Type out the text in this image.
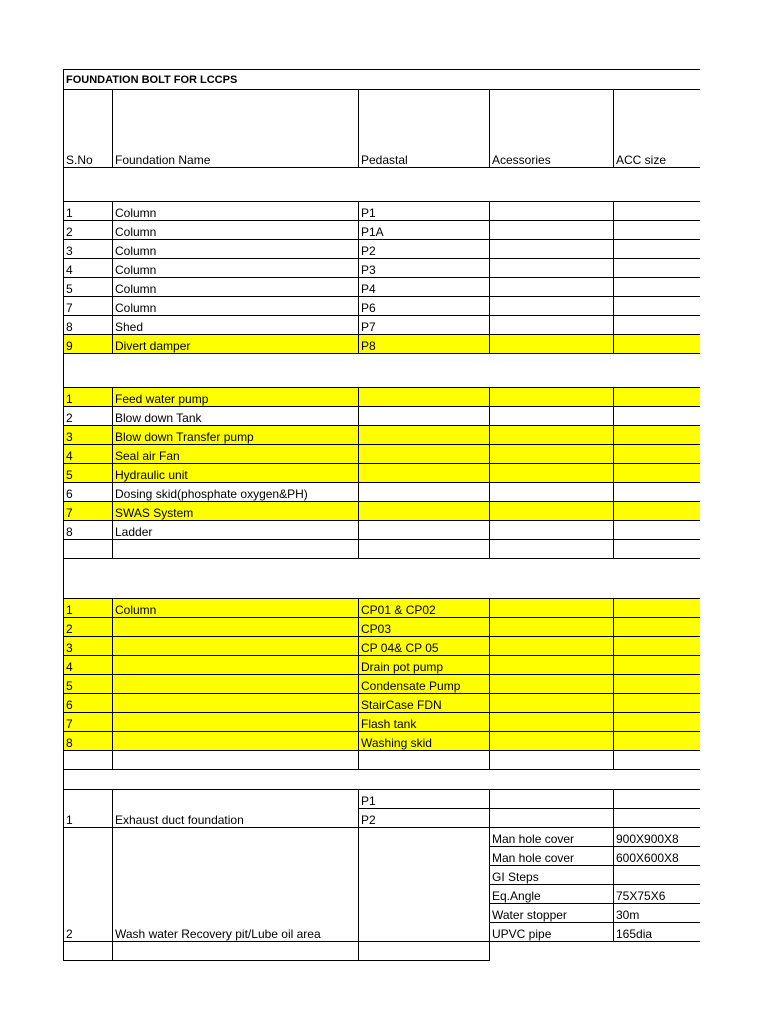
FOUNDATION BOLT FOR LCCPS				
S.No	Foundation Name	Pedastal	Acessories	ACC size

1	Column	P1		
2	Column	P1A		
3	Column	P2		
4	Column	P3		
5	Column	P4		
7	Column	P6		
8	Shed	P7		
9	Divert damper	P8		

1	Feed water pump			
2	Blow down Tank			
3	Blow down Transfer pump			
4	Seal air Fan			
5	Hydraulic unit			
6	Dosing skid(phosphate oxygen&PH)			
7	SWAS System			
8	Ladder			

1	Column	CP01 & CP02		
2		CP03		
3		CP 04& CP 05		
4		Drain pot pump		
5		Condensate Pump		
6		StairCase FDN		
7		Flash tank		
8		Washing skid		

1	Exhaust duct foundation	P1		
		P2		
2	Wash water Recovery pit/Lube oil area		Man hole cover	900X900X8
			Man hole cover	600X600X8
			GI Steps	
			Eq.Angle	75X75X6
			Water stopper	30m
			UPVC pipe	165dia
